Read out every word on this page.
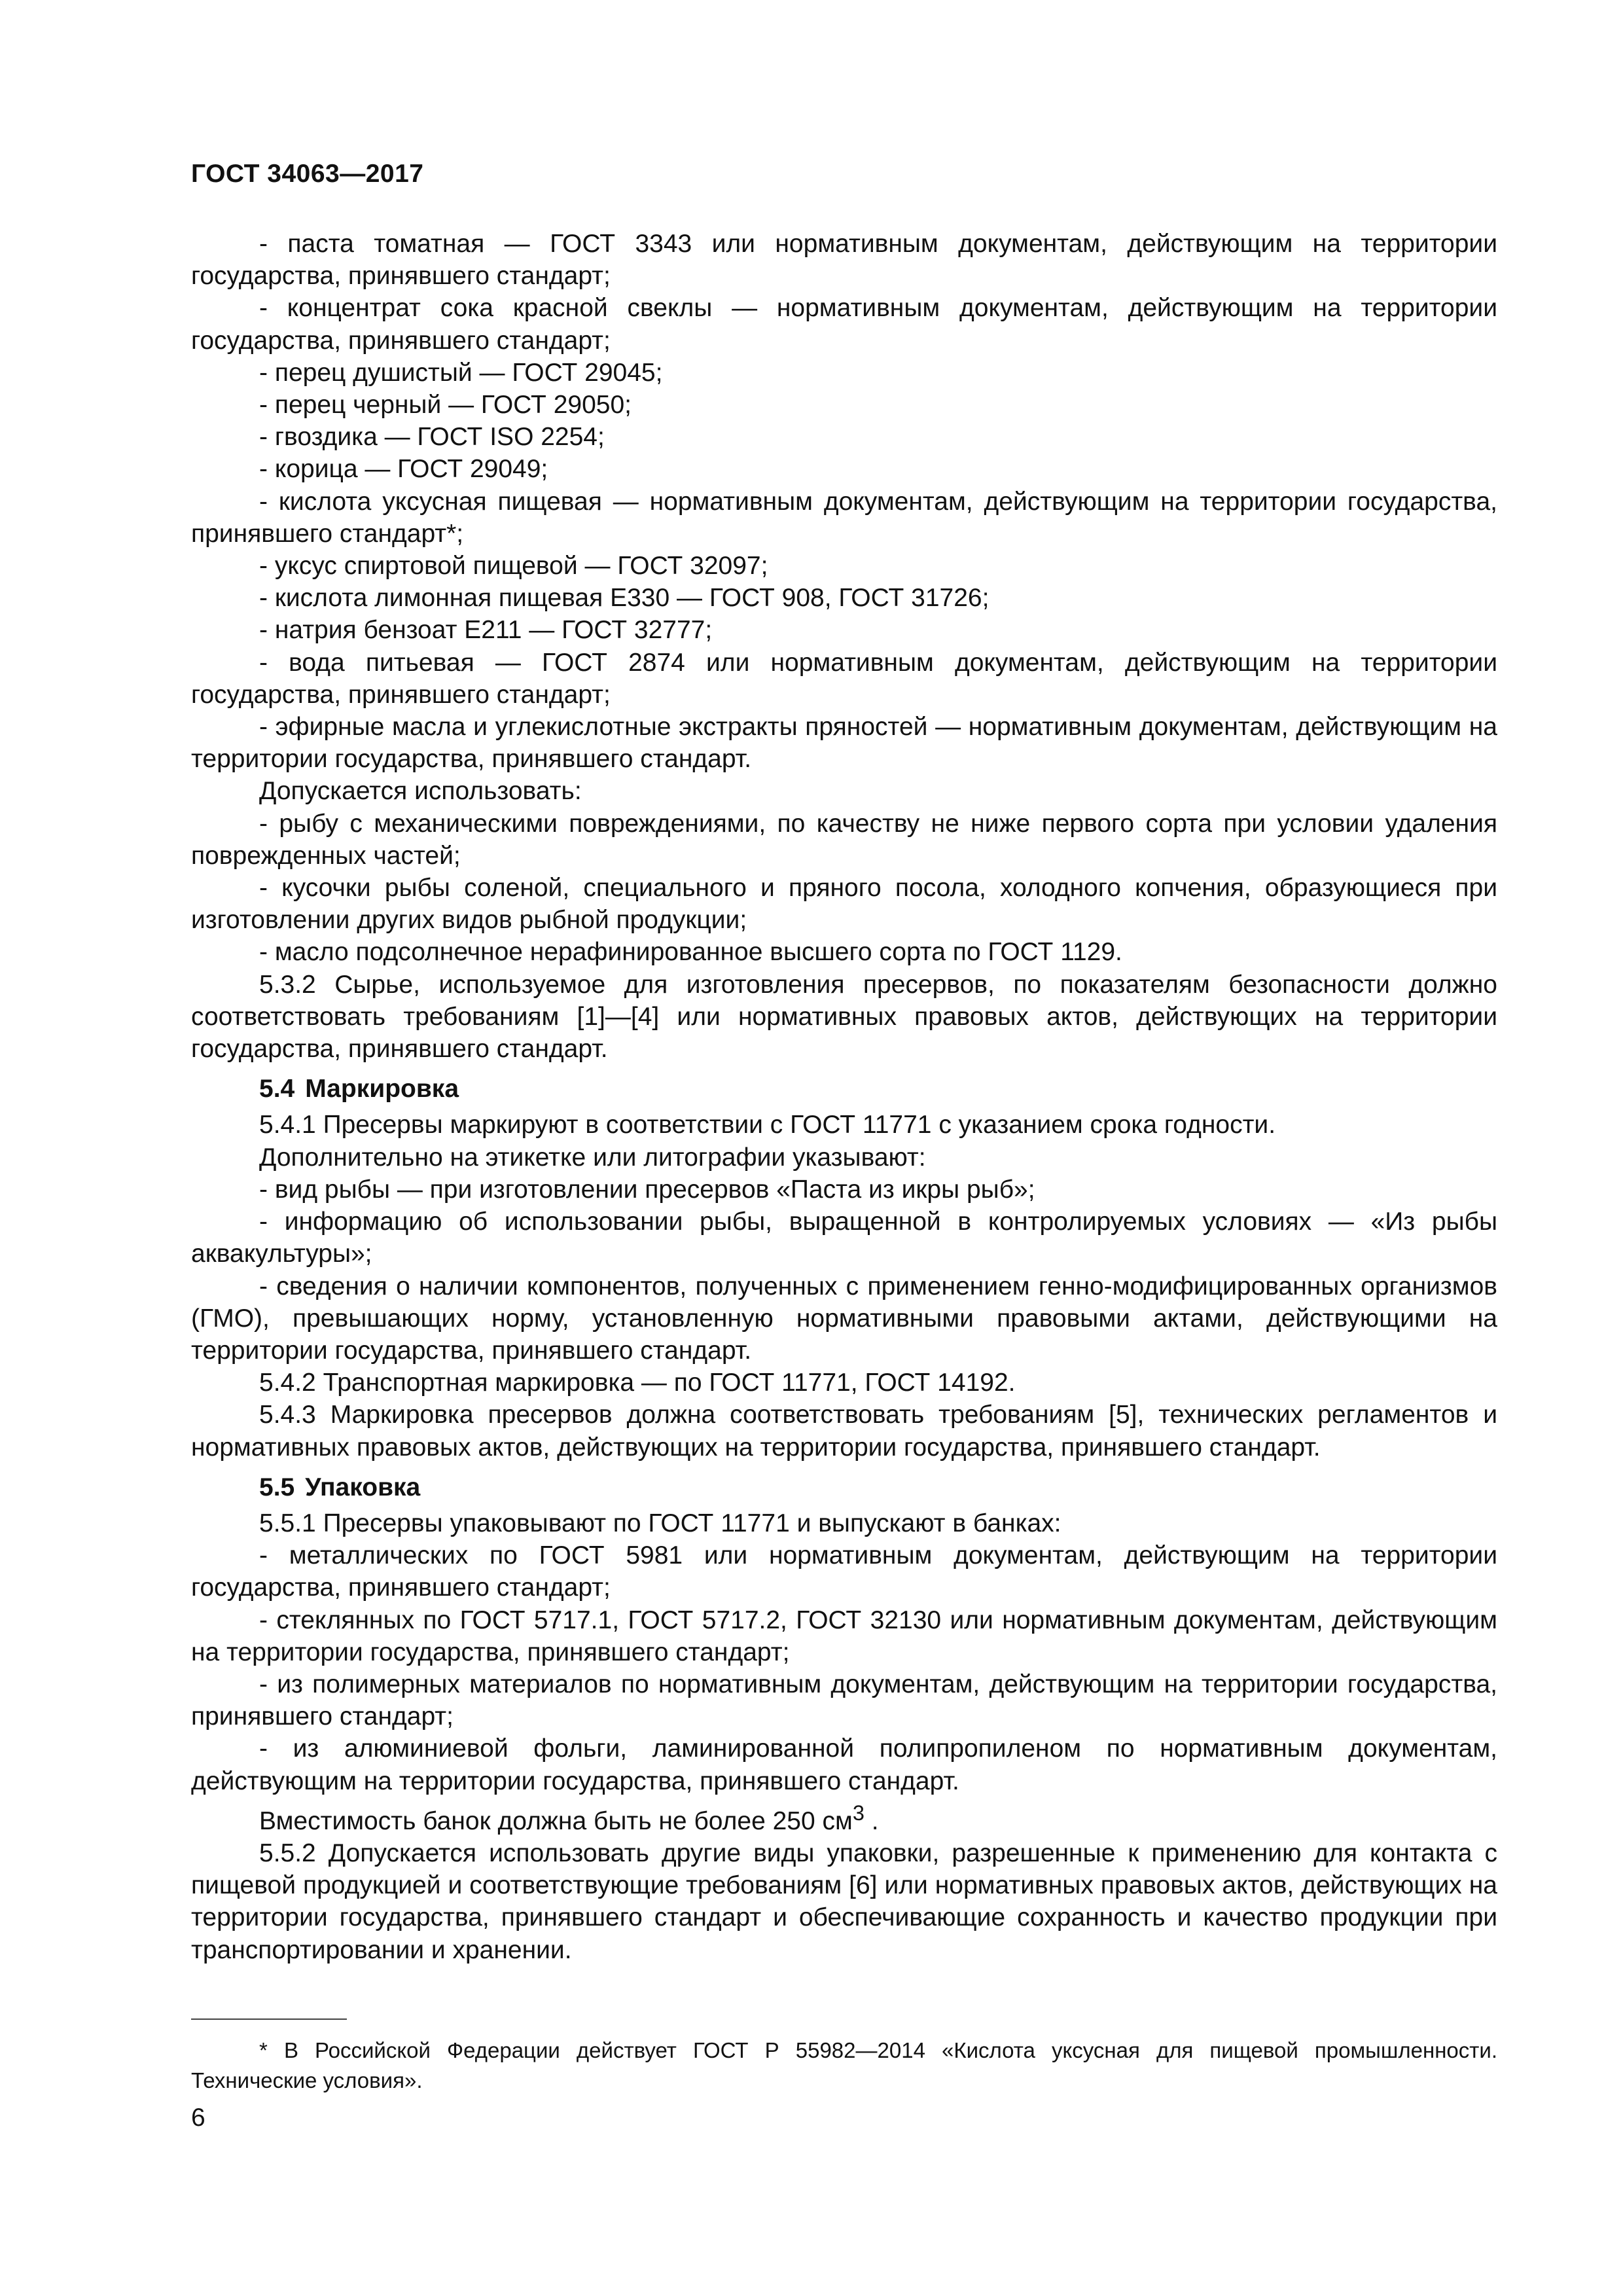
ГОСТ 34063—2017

- паста томатная — ГОСТ 3343 или нормативным документам, действующим на территории государства, принявшего стандарт;

- концентрат сока красной свеклы — нормативным документам, действующим на территории государства, принявшего стандарт;

- перец душистый — ГОСТ 29045;

- перец черный — ГОСТ 29050;

- гвоздика — ГОСТ ISO 2254;

- корица — ГОСТ 29049;

- кислота уксусная пищевая — нормативным документам, действующим на территории государства, принявшего стандарт*;

- уксус спиртовой пищевой — ГОСТ 32097;

- кислота лимонная пищевая Е330 — ГОСТ 908, ГОСТ 31726;

- натрия бензоат Е211 — ГОСТ 32777;

- вода питьевая — ГОСТ 2874 или нормативным документам, действующим на территории государства, принявшего стандарт;

- эфирные масла и углекислотные экстракты пряностей — нормативным документам, действующим на территории государства, принявшего стандарт.

Допускается использовать:

- рыбу с механическими повреждениями, по качеству не ниже первого сорта при условии удаления поврежденных частей;

- кусочки рыбы соленой, специального и пряного посола, холодного копчения, образующиеся при изготовлении других видов рыбной продукции;

- масло подсолнечное нерафинированное высшего сорта по ГОСТ 1129.

5.3.2 Сырье, используемое для изготовления пресервов, по показателям безопасности должно соответствовать требованиям [1]—[4] или нормативных правовых актов, действующих на территории государства, принявшего стандарт.

5.4 Маркировка

5.4.1 Пресервы маркируют в соответствии с ГОСТ 11771 с указанием срока годности.

Дополнительно на этикетке или литографии указывают:

- вид рыбы — при изготовлении пресервов «Паста из икры рыб»;

- информацию об использовании рыбы, выращенной в контролируемых условиях — «Из рыбы аквакультуры»;

- сведения о наличии компонентов, полученных с применением генно-модифицированных организмов (ГМО), превышающих норму, установленную нормативными правовыми актами, действующими на территории государства, принявшего стандарт.

5.4.2 Транспортная маркировка — по ГОСТ 11771, ГОСТ 14192.

5.4.3 Маркировка пресервов должна соответствовать требованиям [5], технических регламентов и нормативных правовых актов, действующих на территории государства, принявшего стандарт.

5.5 Упаковка

5.5.1 Пресервы упаковывают по ГОСТ 11771 и выпускают в банках:

- металлических по ГОСТ 5981 или нормативным документам, действующим на территории государства, принявшего стандарт;

- стеклянных по ГОСТ 5717.1, ГОСТ 5717.2, ГОСТ 32130 или нормативным документам, действующим на территории государства, принявшего стандарт;

- из полимерных материалов по нормативным документам, действующим на территории государства, принявшего стандарт;

- из алюминиевой фольги, ламинированной полипропиленом по нормативным документам, действующим на территории государства, принявшего стандарт.

Вместимость банок должна быть не более 250 $см^3$ .

5.5.2 Допускается использовать другие виды упаковки, разрешенные к применению для контакта с пищевой продукцией и соответствующие требованиям [6] или нормативных правовых актов, действующих на территории государства, принявшего стандарт и обеспечивающие сохранность и качество продукции при транспортировании и хранении.

* В Российской Федерации действует ГОСТ Р 55982—2014 «Кислота уксусная для пищевой промышленности. Технические условия».

6
